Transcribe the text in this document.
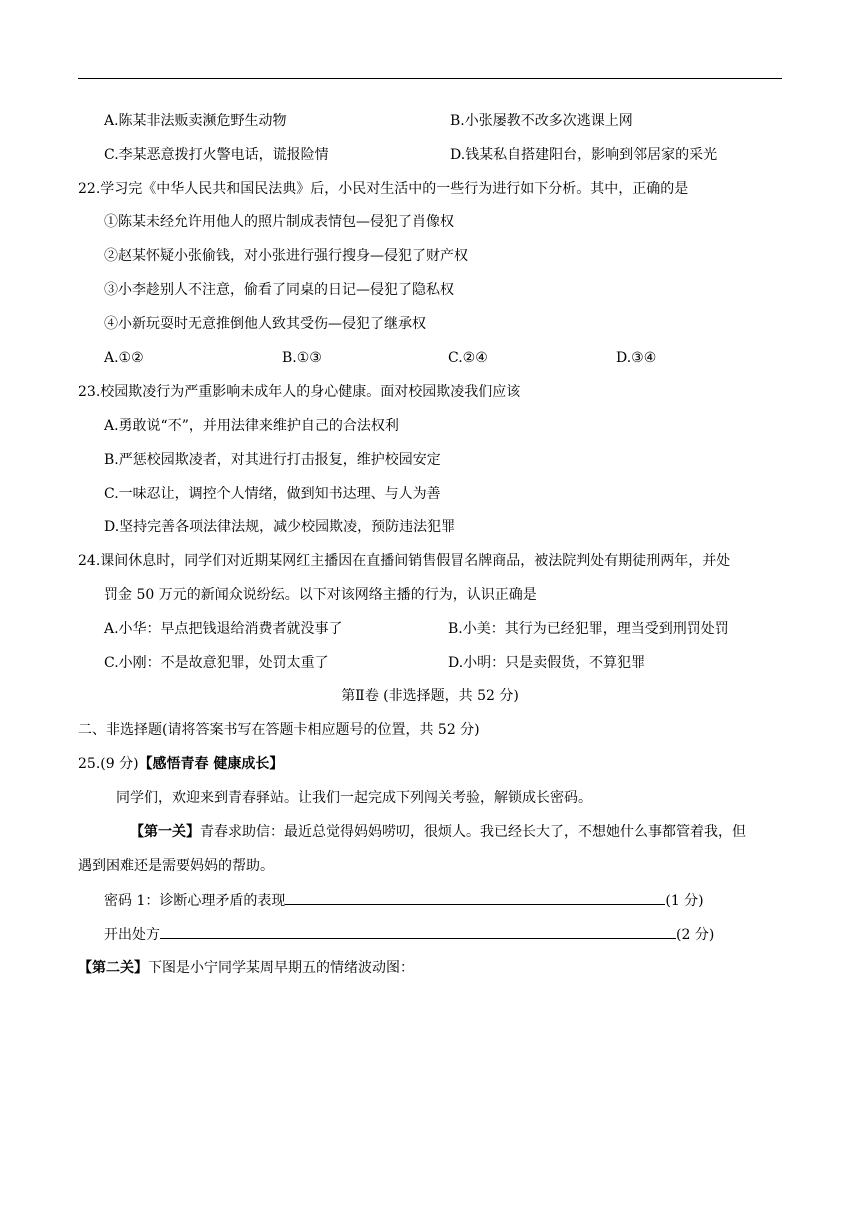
A.陈某非法贩卖濒危野生动物	B.小张屡教不改多次逃课上网
C.李某恶意拨打火警电话，谎报险情	D.钱某私自搭建阳台，影响到邻居家的采光
22.学习完《中华人民共和国民法典》后，小民对生活中的一些行为进行如下分析。其中，正确的是
①陈某未经允许用他人的照片制成表情包—侵犯了肖像权
②赵某怀疑小张偷钱，对小张进行强行搜身—侵犯了财产权
③小李趁别人不注意，偷看了同桌的日记—侵犯了隐私权
④小新玩耍时无意推倒他人致其受伤—侵犯了继承权
A.①②	B.①③	C.②④	D.③④
23.校园欺凌行为严重影响未成年人的身心健康。面对校园欺凌我们应该
A.勇敢说“不”，并用法律来维护自己的合法权利
B.严惩校园欺凌者，对其进行打击报复，维护校园安定
C.一味忍让，调控个人情绪，做到知书达理、与人为善
D.坚持完善各项法律法规，减少校园欺凌，预防违法犯罪
24.课间休息时，同学们对近期某网红主播因在直播间销售假冒名牌商品，被法院判处有期徒刑两年，并处
罚金 50 万元的新闻众说纷纭。以下对该网络主播的行为，认识正确是
A.小华：早点把钱退给消费者就没事了	B.小美：其行为已经犯罪，理当受到刑罚处罚
C.小刚：不是故意犯罪，处罚太重了	D.小明：只是卖假货，不算犯罪
第Ⅱ卷 (非选择题，共 52 分)
二、非选择题(请将答案书写在答题卡相应题号的位置，共 52 分)
25.(9 分)【感悟青春 健康成长】
同学们，欢迎来到青春驿站。让我们一起完成下列闯关考验，解锁成长密码。
【第一关】青春求助信：最近总觉得妈妈唠叨，很烦人。我已经长大了，不想她什么事都管着我，但
遇到困难还是需要妈妈的帮助。
密码 1：诊断心理矛盾的表现	(1 分)
开出处方	(2 分)
【第二关】下图是小宁同学某周早期五的情绪波动图：
